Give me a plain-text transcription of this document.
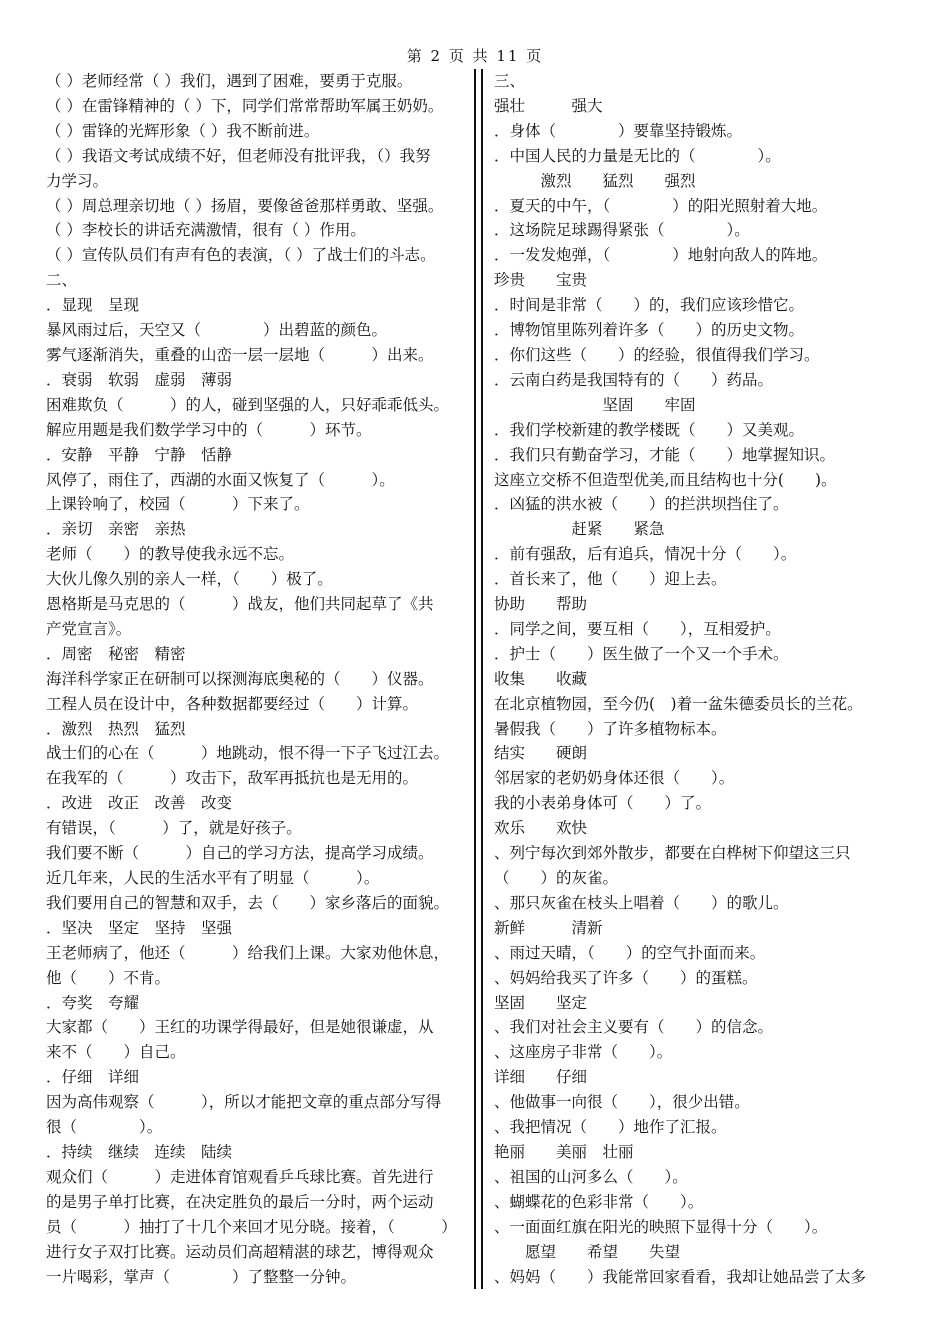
第 2 页 共 11 页
（ ）老师经常（ ）我们，遇到了困难，要勇于克服。
（ ）在雷锋精神的（ ）下，同学们常常帮助军属王奶奶。
（ ）雷锋的光辉形象（ ）我不断前进。
（ ）我语文考试成绩不好，但老师没有批评我，（）我努
力学习。
（ ）周总理亲切地（ ）扬眉，要像爸爸那样勇敢、坚强。
（ ）李校长的讲话充满激情，很有（ ）作用。
（ ）宣传队员们有声有色的表演，（ ）了战士们的斗志。
二、
．显现　呈现
暴风雨过后，天空又（　　　　）出碧蓝的颜色。
雾气逐渐消失，重叠的山峦一层一层地（　　　）出来。
．衰弱　软弱　虚弱　薄弱
困难欺负（　　　）的人，碰到坚强的人，只好乖乖低头。
解应用题是我们数学学习中的（　　　）环节。
．安静　平静　宁静　恬静
风停了，雨住了，西湖的水面又恢复了（　　　）。
上课铃响了，校园（　　　）下来了。
．亲切　亲密　亲热
老师（　　）的教导使我永远不忘。
大伙儿像久别的亲人一样，（　　）极了。
恩格斯是马克思的（　　　）战友，他们共同起草了《共
产党宣言》。
．周密　秘密　精密
海洋科学家正在研制可以探测海底奥秘的（　　）仪器。
工程人员在设计中，各种数据都要经过（　　）计算。
．激烈　热烈　猛烈
战士们的心在（　　　）地跳动，恨不得一下子飞过江去。
在我军的（　　　）攻击下，敌军再抵抗也是无用的。
．改进　改正　改善　改变
有错误，（　　　）了，就是好孩子。
我们要不断（　　　）自己的学习方法，提高学习成绩。
近几年来，人民的生活水平有了明显（　　　）。
我们要用自己的智慧和双手，去（　　）家乡落后的面貌。
．坚决　坚定　坚持　坚强
王老师病了，他还（　　　）给我们上课。大家劝他休息，
他（　　）不肯。
．夸奖　夸耀
大家都（　　）王红的功课学得最好，但是她很谦虚，从
来不（　　）自己。
．仔细　详细
因为高伟观察（　　　），所以才能把文章的重点部分写得
很（　　　　）。
．持续　继续　连续　陆续
观众们（　　　）走进体育馆观看乒乓球比赛。首先进行
的是男子单打比赛，在决定胜负的最后一分时，两个运动
员（　　　）抽打了十几个来回才见分晓。接着，（　　　）
进行女子双打比赛。运动员们高超精湛的球艺，博得观众
一片喝彩，掌声（　　　　）了整整一分钟。
三、
强壮　　　强大
．身体（　　　　）要靠坚持锻炼。
．中国人民的力量是无比的（　　　　）。
　　　激烈　　猛烈　　强烈
．夏天的中午，（　　　　）的阳光照射着大地。
．这场院足球踢得紧张（　　　　）。
．一发发炮弹，（　　　　）地射向敌人的阵地。
珍贵　　宝贵
．时间是非常（　　）的，我们应该珍惜它。
．博物馆里陈列着许多（　　）的历史文物。
．你们这些（　　）的经验，很值得我们学习。
．云南白药是我国特有的（　　）药品。
　　　　　　　坚固　　牢固
．我们学校新建的教学楼既（　　）又美观。
．我们只有勤奋学习，才能（　　）地掌握知识。
这座立交桥不但造型优美,而且结构也十分(　　)。
．凶猛的洪水被（　　）的拦洪坝挡住了。
　　　　　赶紧　　紧急
．前有强敌，后有追兵，情况十分（　　）。
．首长来了，他（　　）迎上去。
协助　　帮助
．同学之间，要互相（　　），互相爱护。
．护士（　　）医生做了一个又一个手术。
收集　　收藏
在北京植物园，至今仍(　)着一盆朱德委员长的兰花。
暑假我（　　）了许多植物标本。
结实　　硬朗
邻居家的老奶奶身体还很（　　）。
我的小表弟身体可（　　）了。
欢乐　　欢快
、列宁每次到郊外散步，都要在白桦树下仰望这三只
（　　）的灰雀。
、那只灰雀在枝头上唱着（　　）的歌儿。
新鲜　　　清新
、雨过天晴，（　　）的空气扑面而来。
、妈妈给我买了许多（　　）的蛋糕。
坚固　　坚定
、我们对社会主义要有（　　）的信念。
、这座房子非常（　　）。
详细　　仔细
、他做事一向很（　　），很少出错。
、我把情况（　　）地作了汇报。
艳丽　　美丽　壮丽
、祖国的山河多么（　　）。
、蝴蝶花的色彩非常（　　）。
、一面面红旗在阳光的映照下显得十分（　　）。
　　愿望　　希望　　失望
、妈妈（　　）我能常回家看看，我却让她品尝了太多
